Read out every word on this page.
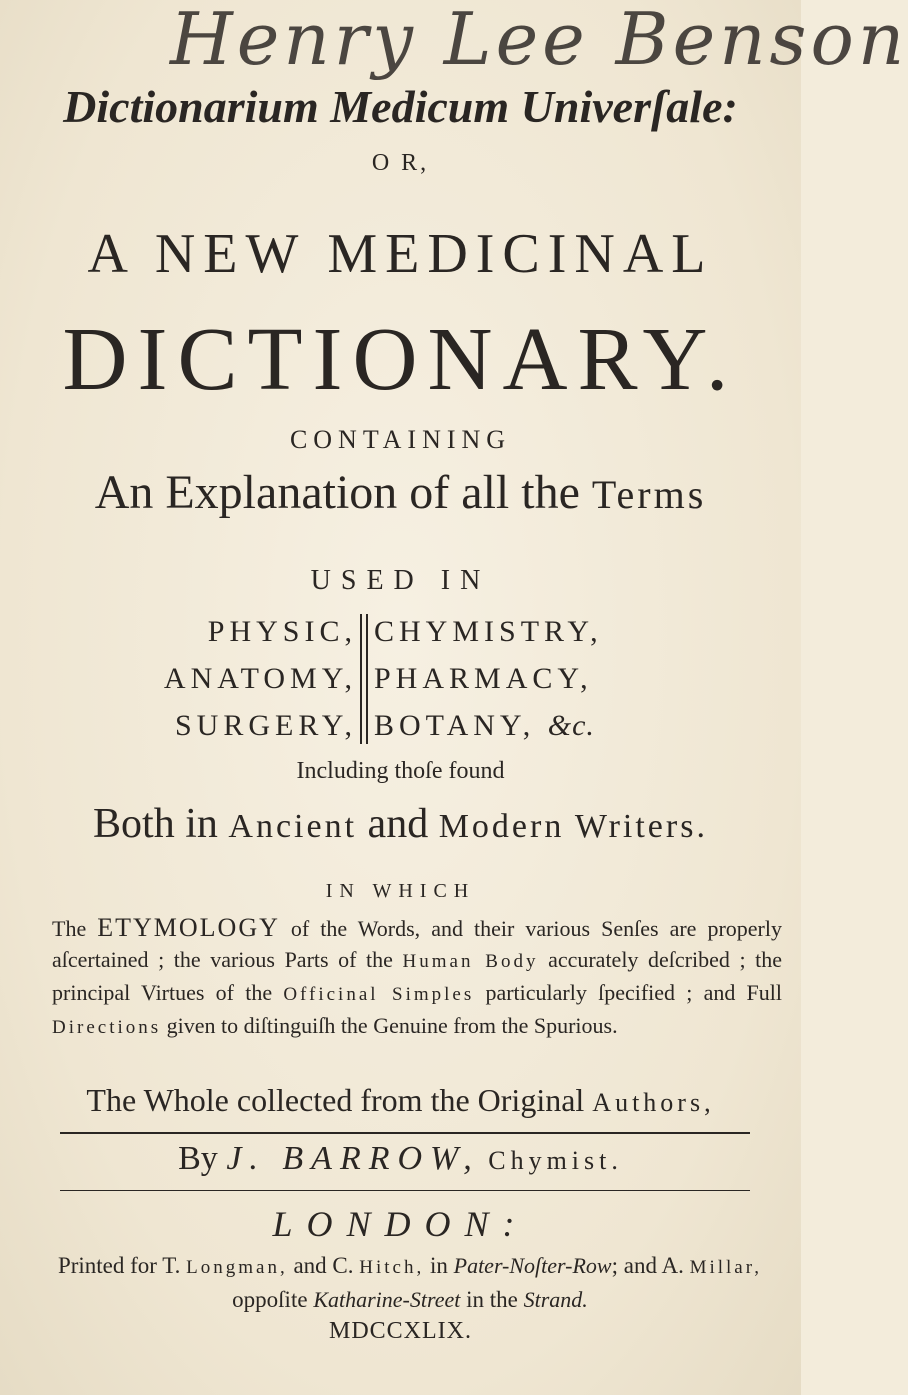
Henry Lee Benson
Dictionarium Medicum Univerſale:
O R,
A NEW MEDICINAL
DICTIONARY.
CONTAINING
An Explanation of all the Terms
USED IN
PHYSIC,
ANATOMY,
SURGERY,
CHYMISTRY,
PHARMACY,
BOTANY, &c.
Including thoſe found
Both in Ancient and Modern Writers.
IN WHICH
The ETYMOLOGY of the Words, and their various Senſes are properly aſcertained ; the various Parts of the Human Body accurately deſcribed ; the principal Virtues of the Officinal Simples particularly ſpecified ; and Full Directions given to diſtinguiſh the Genuine from the Spurious.
The Whole collected from the Original Authors,
By J. BARROW, Chymist.
LONDON:
Printed for T. Longman, and C. Hitch, in Pater-Noſter-Row; and A. Millar, oppoſite Katharine-Street in the Strand.
MDCCXLIX.
